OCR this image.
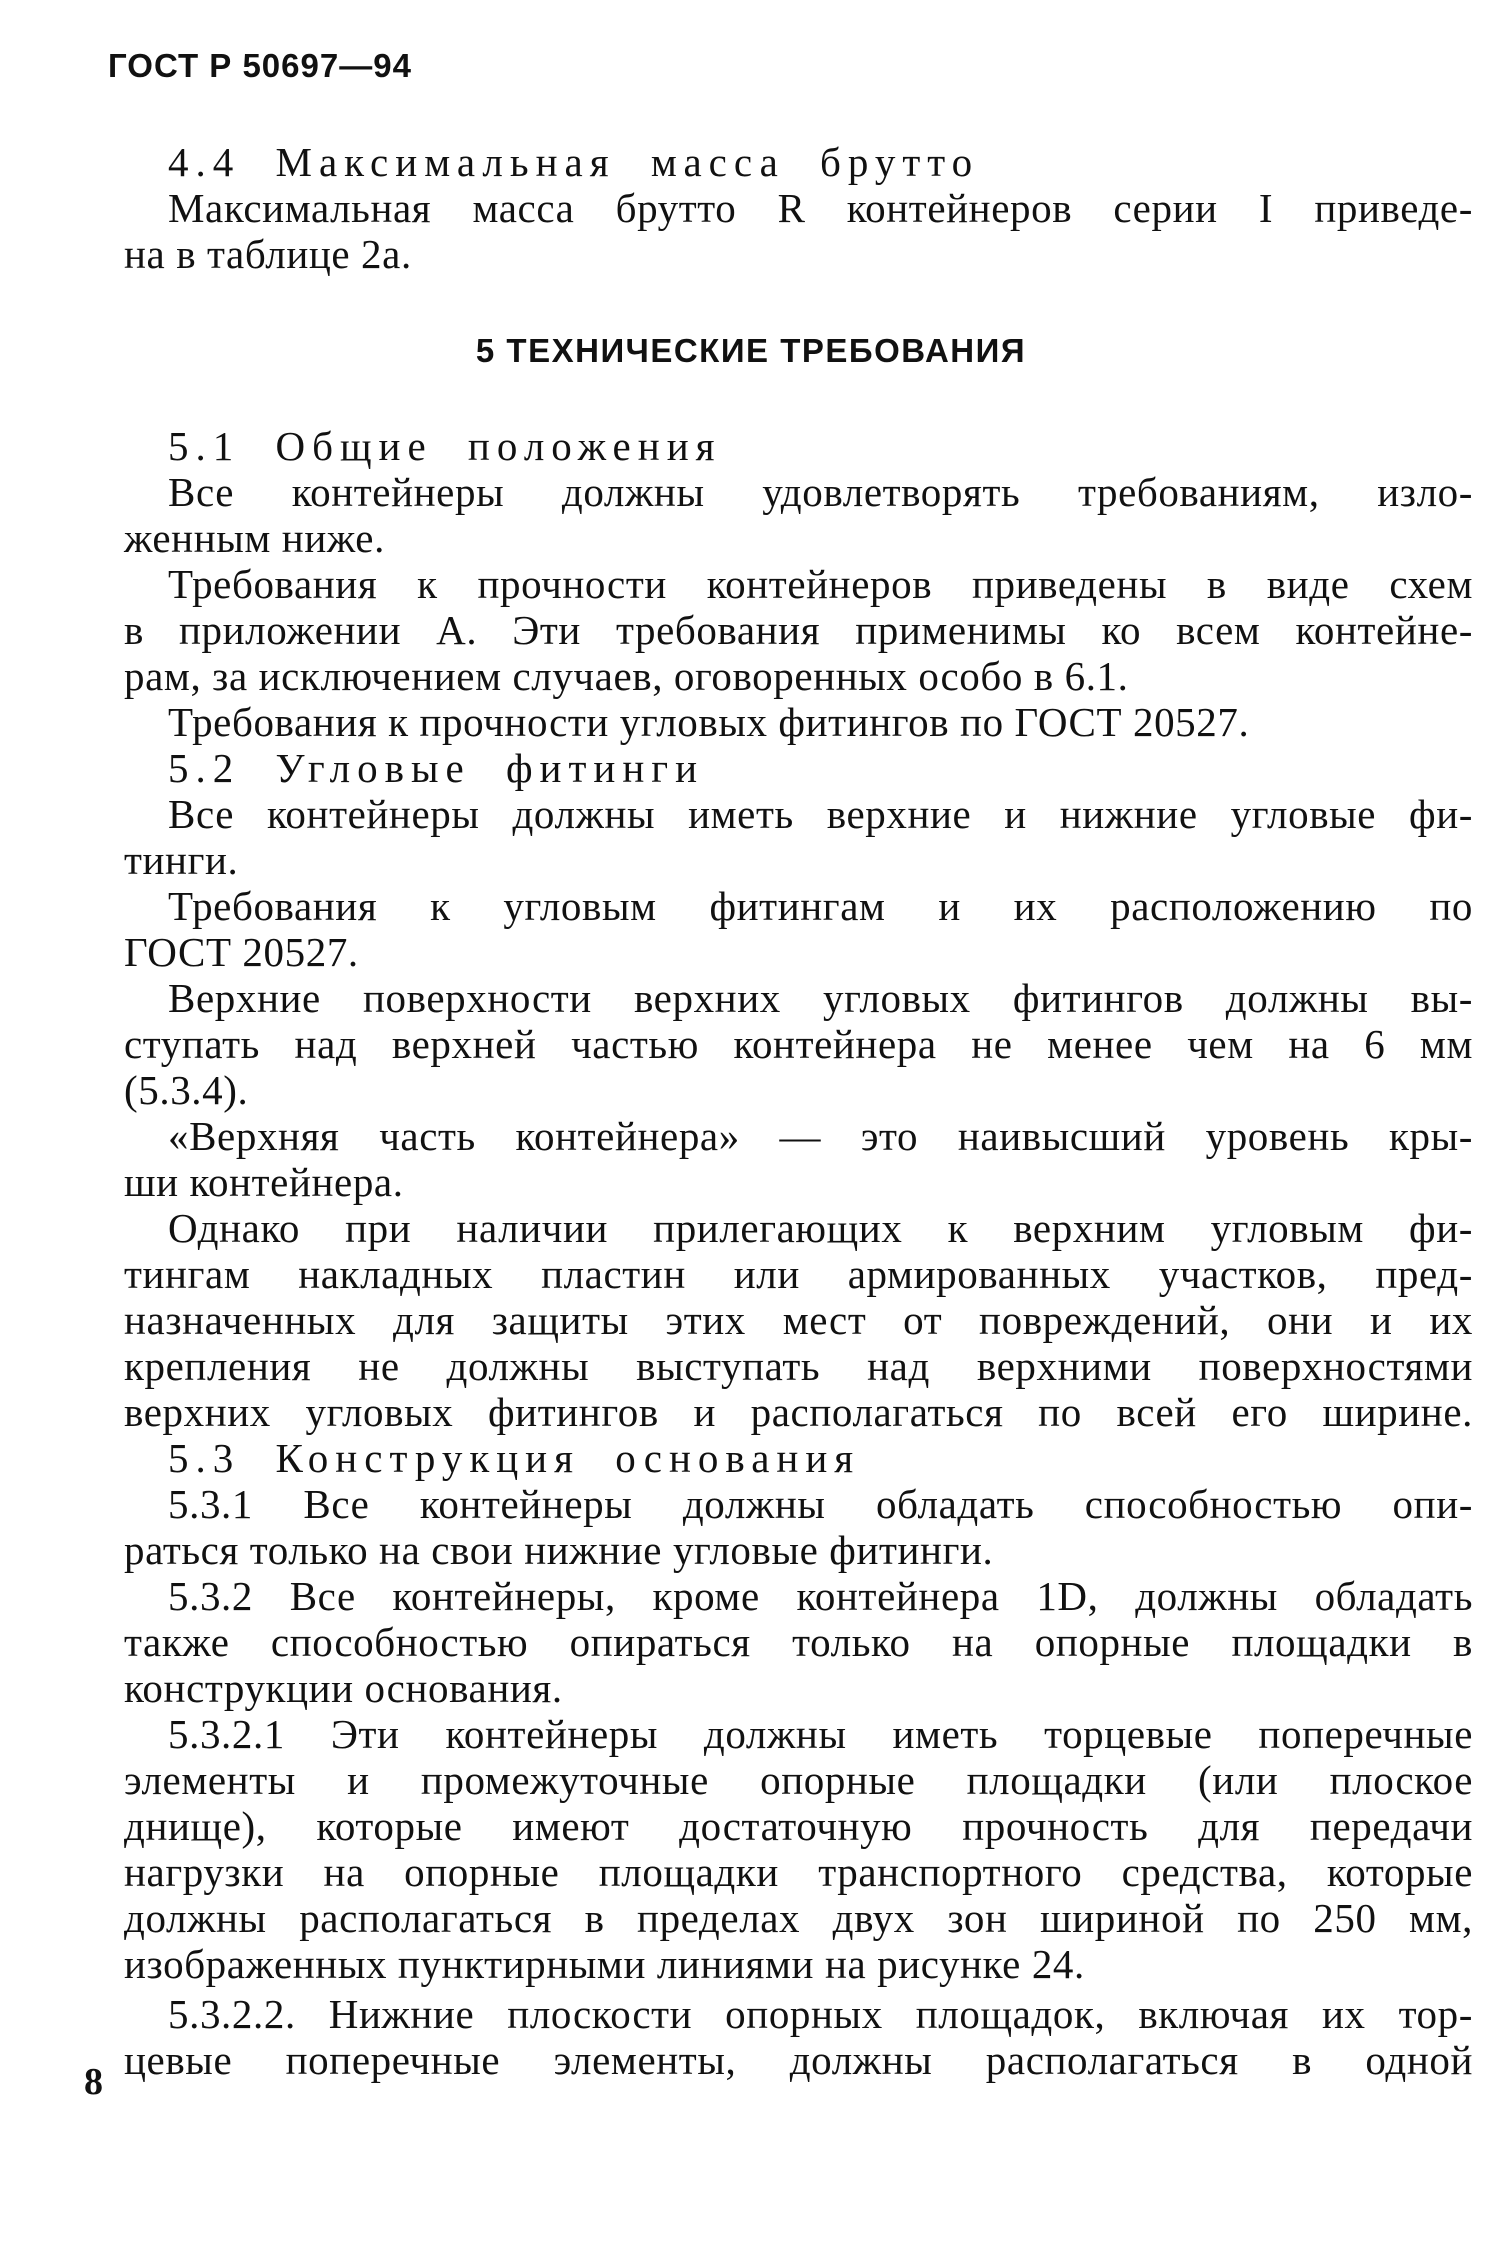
ГОСТ Р 50697—94
4.4 Максимальная масса брутто
Максимальная масса брутто R контейнеров серии I приведе-
на в таблице 2а.
5 ТЕХНИЧЕСКИЕ ТРЕБОВАНИЯ
5.1 Общие положения
Все контейнеры должны удовлетворять требованиям, изло-
женным ниже.
Требования к прочности контейнеров приведены в виде схем
в приложении А. Эти требования применимы ко всем контейне-
рам, за исключением случаев, оговоренных особо в 6.1.
Требования к прочности угловых фитингов по ГОСТ 20527.
5.2 Угловые фитинги
Все контейнеры должны иметь верхние и нижние угловые фи-
тинги.
Требования к угловым фитингам и их расположению по
ГОСТ 20527.
Верхние поверхности верхних угловых фитингов должны вы-
ступать над верхней частью контейнера не менее чем на 6 мм
(5.3.4).
«Верхняя часть контейнера» — это наивысший уровень кры-
ши контейнера.
Однако при наличии прилегающих к верхним угловым фи-
тингам накладных пластин или армированных участков, пред-
назначенных для защиты этих мест от повреждений, они и их
крепления не должны выступать над верхними поверхностями
верхних угловых фитингов и располагаться по всей его ширине.
5.3 Конструкция основания
5.3.1 Все контейнеры должны обладать способностью опи-
раться только на свои нижние угловые фитинги.
5.3.2 Все контейнеры, кроме контейнера 1D, должны обладать
также способностью опираться только на опорные площадки в
конструкции основания.
5.3.2.1 Эти контейнеры должны иметь торцевые поперечные
элементы и промежуточные опорные площадки (или плоское
днище), которые имеют достаточную прочность для передачи
нагрузки на опорные площадки транспортного средства, которые
должны располагаться в пределах двух зон шириной по 250 мм,
изображенных пунктирными линиями на рисунке 24.
5.3.2.2. Нижние плоскости опорных площадок, включая их тор-
цевые поперечные элементы, должны располагаться в одной
8
